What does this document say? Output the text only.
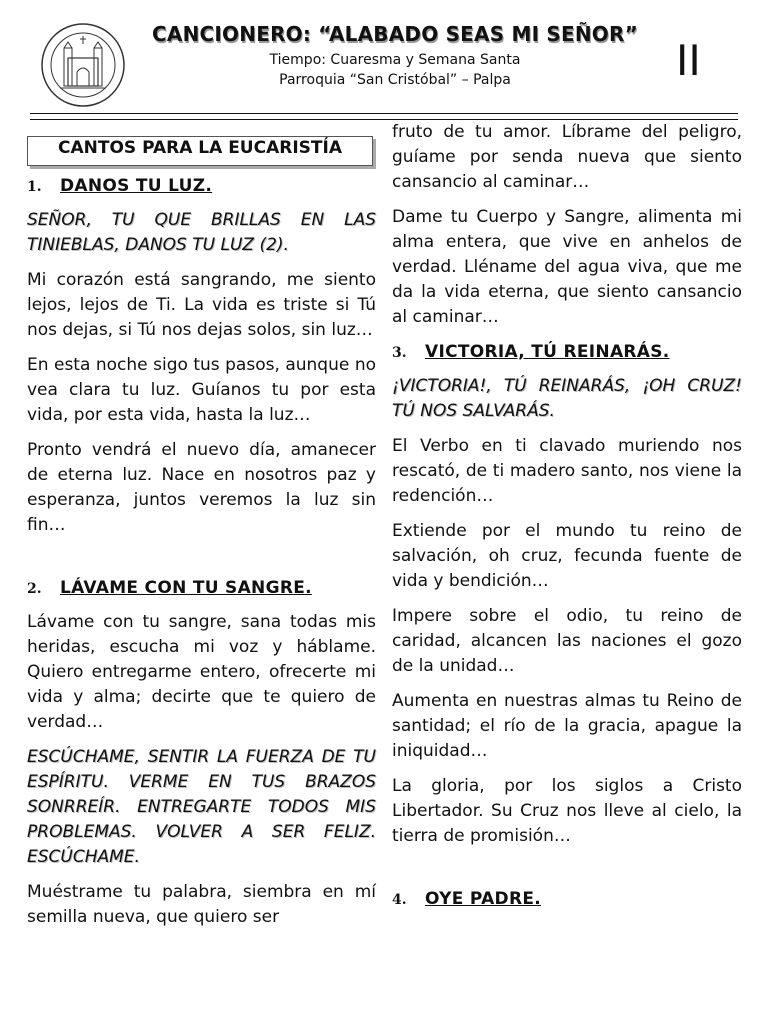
CANCIONERO: “ALABADO SEAS MI SEÑOR”
Tiempo: Cuaresma y Semana Santa
Parroquia “San Cristóbal” – Palpa	II
CANTOS PARA LA EUCARISTÍA
1.	DANOS TU LUZ.

SEÑOR, TU QUE BRILLAS EN LAS TINIEBLAS, DANOS TU LUZ (2).

Mi corazón está sangrando, me siento lejos, lejos de Ti. La vida es triste si Tú nos dejas, si Tú nos dejas solos, sin luz…

En esta noche sigo tus pasos, aunque no vea clara tu luz. Guíanos tu por esta vida, por esta vida, hasta la luz…

Pronto vendrá el nuevo día, amanecer de eterna luz. Nace en nosotros paz y esperanza, juntos veremos la luz sin fin…

2.	LÁVAME CON TU SANGRE.

Lávame con tu sangre, sana todas mis heridas, escucha mi voz y háblame. Quiero entregarme entero, ofrecerte mi vida y alma; decirte que te quiero de verdad…

ESCÚCHAME, SENTIR LA FUERZA DE TU ESPÍRITU. VERME EN TUS BRAZOS SONRREÍR. ENTREGARTE TODOS MIS PROBLEMAS. VOLVER A SER FELIZ. ESCÚCHAME.

Muéstrame tu palabra, siembra en mí semilla nueva, que quiero ser

fruto de tu amor. Líbrame del peligro, guíame por senda nueva que siento cansancio al caminar…

Dame tu Cuerpo y Sangre, alimenta mi alma entera, que vive en anhelos de verdad. Lléname del agua viva, que me da la vida eterna, que siento cansancio al caminar…

3.	VICTORIA, TÚ REINARÁS.

¡VICTORIA!, TÚ REINARÁS, ¡OH CRUZ! TÚ NOS SALVARÁS.

El Verbo en ti clavado muriendo nos rescató, de ti madero santo, nos viene la redención…

Extiende por el mundo tu reino de salvación, oh cruz, fecunda fuente de vida y bendición…

Impere sobre el odio, tu reino de caridad, alcancen las naciones el gozo de la unidad…

Aumenta en nuestras almas tu Reino de santidad; el río de la gracia, apague la iniquidad…

La gloria, por los siglos a Cristo Libertador. Su Cruz nos lleve al cielo, la tierra de promisión…

4.	OYE PADRE.
